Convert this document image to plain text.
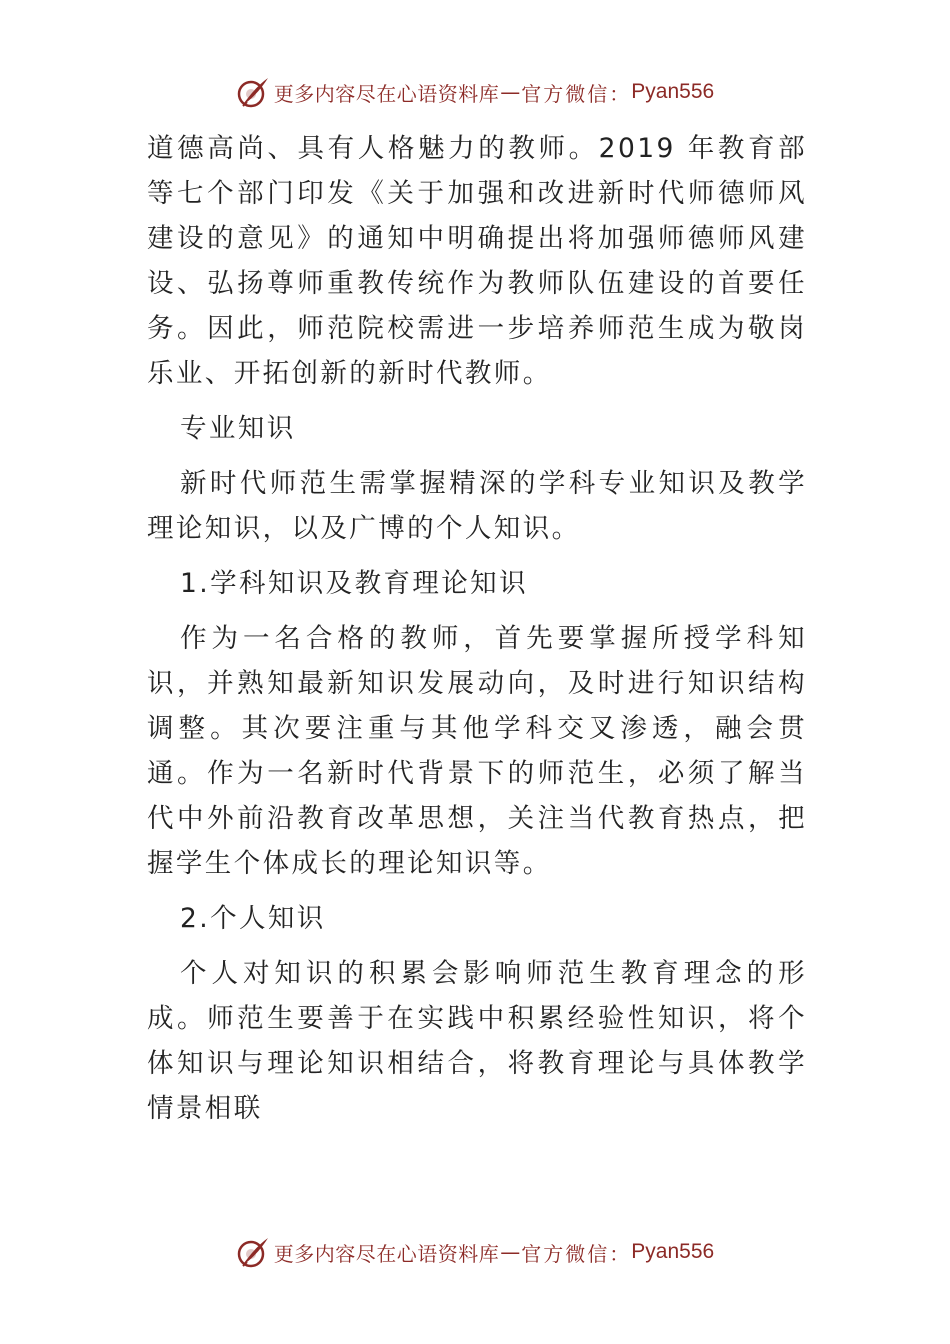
更多内容尽在心语资料库 — 官方微信： Pyan556

道德高尚、具有人格魅力的教师。2019 年教育部等七个部门印发《关于加强和改进新时代师德师风建设的意见》的通知中明确提出将加强师德师风建设、弘扬尊师重教传统作为教师队伍建设的首要任务。因此，师范院校需进一步培养师范生成为敬岗乐业、开拓创新的新时代教师。

专业知识

新时代师范生需掌握精深的学科专业知识及教学理论知识，以及广博的个人知识。

1.学科知识及教育理论知识

作为一名合格的教师，首先要掌握所授学科知识，并熟知最新知识发展动向，及时进行知识结构调整。其次要注重与其他学科交叉渗透，融会贯通。作为一名新时代背景下的师范生，必须了解当代中外前沿教育改革思想，关注当代教育热点，把握学生个体成长的理论知识等。

2.个人知识

个人对知识的积累会影响师范生教育理念的形成。师范生要善于在实践中积累经验性知识，将个体知识与理论知识相结合，将教育理论与具体教学情景相联

更多内容尽在心语资料库 — 官方微信： Pyan556
